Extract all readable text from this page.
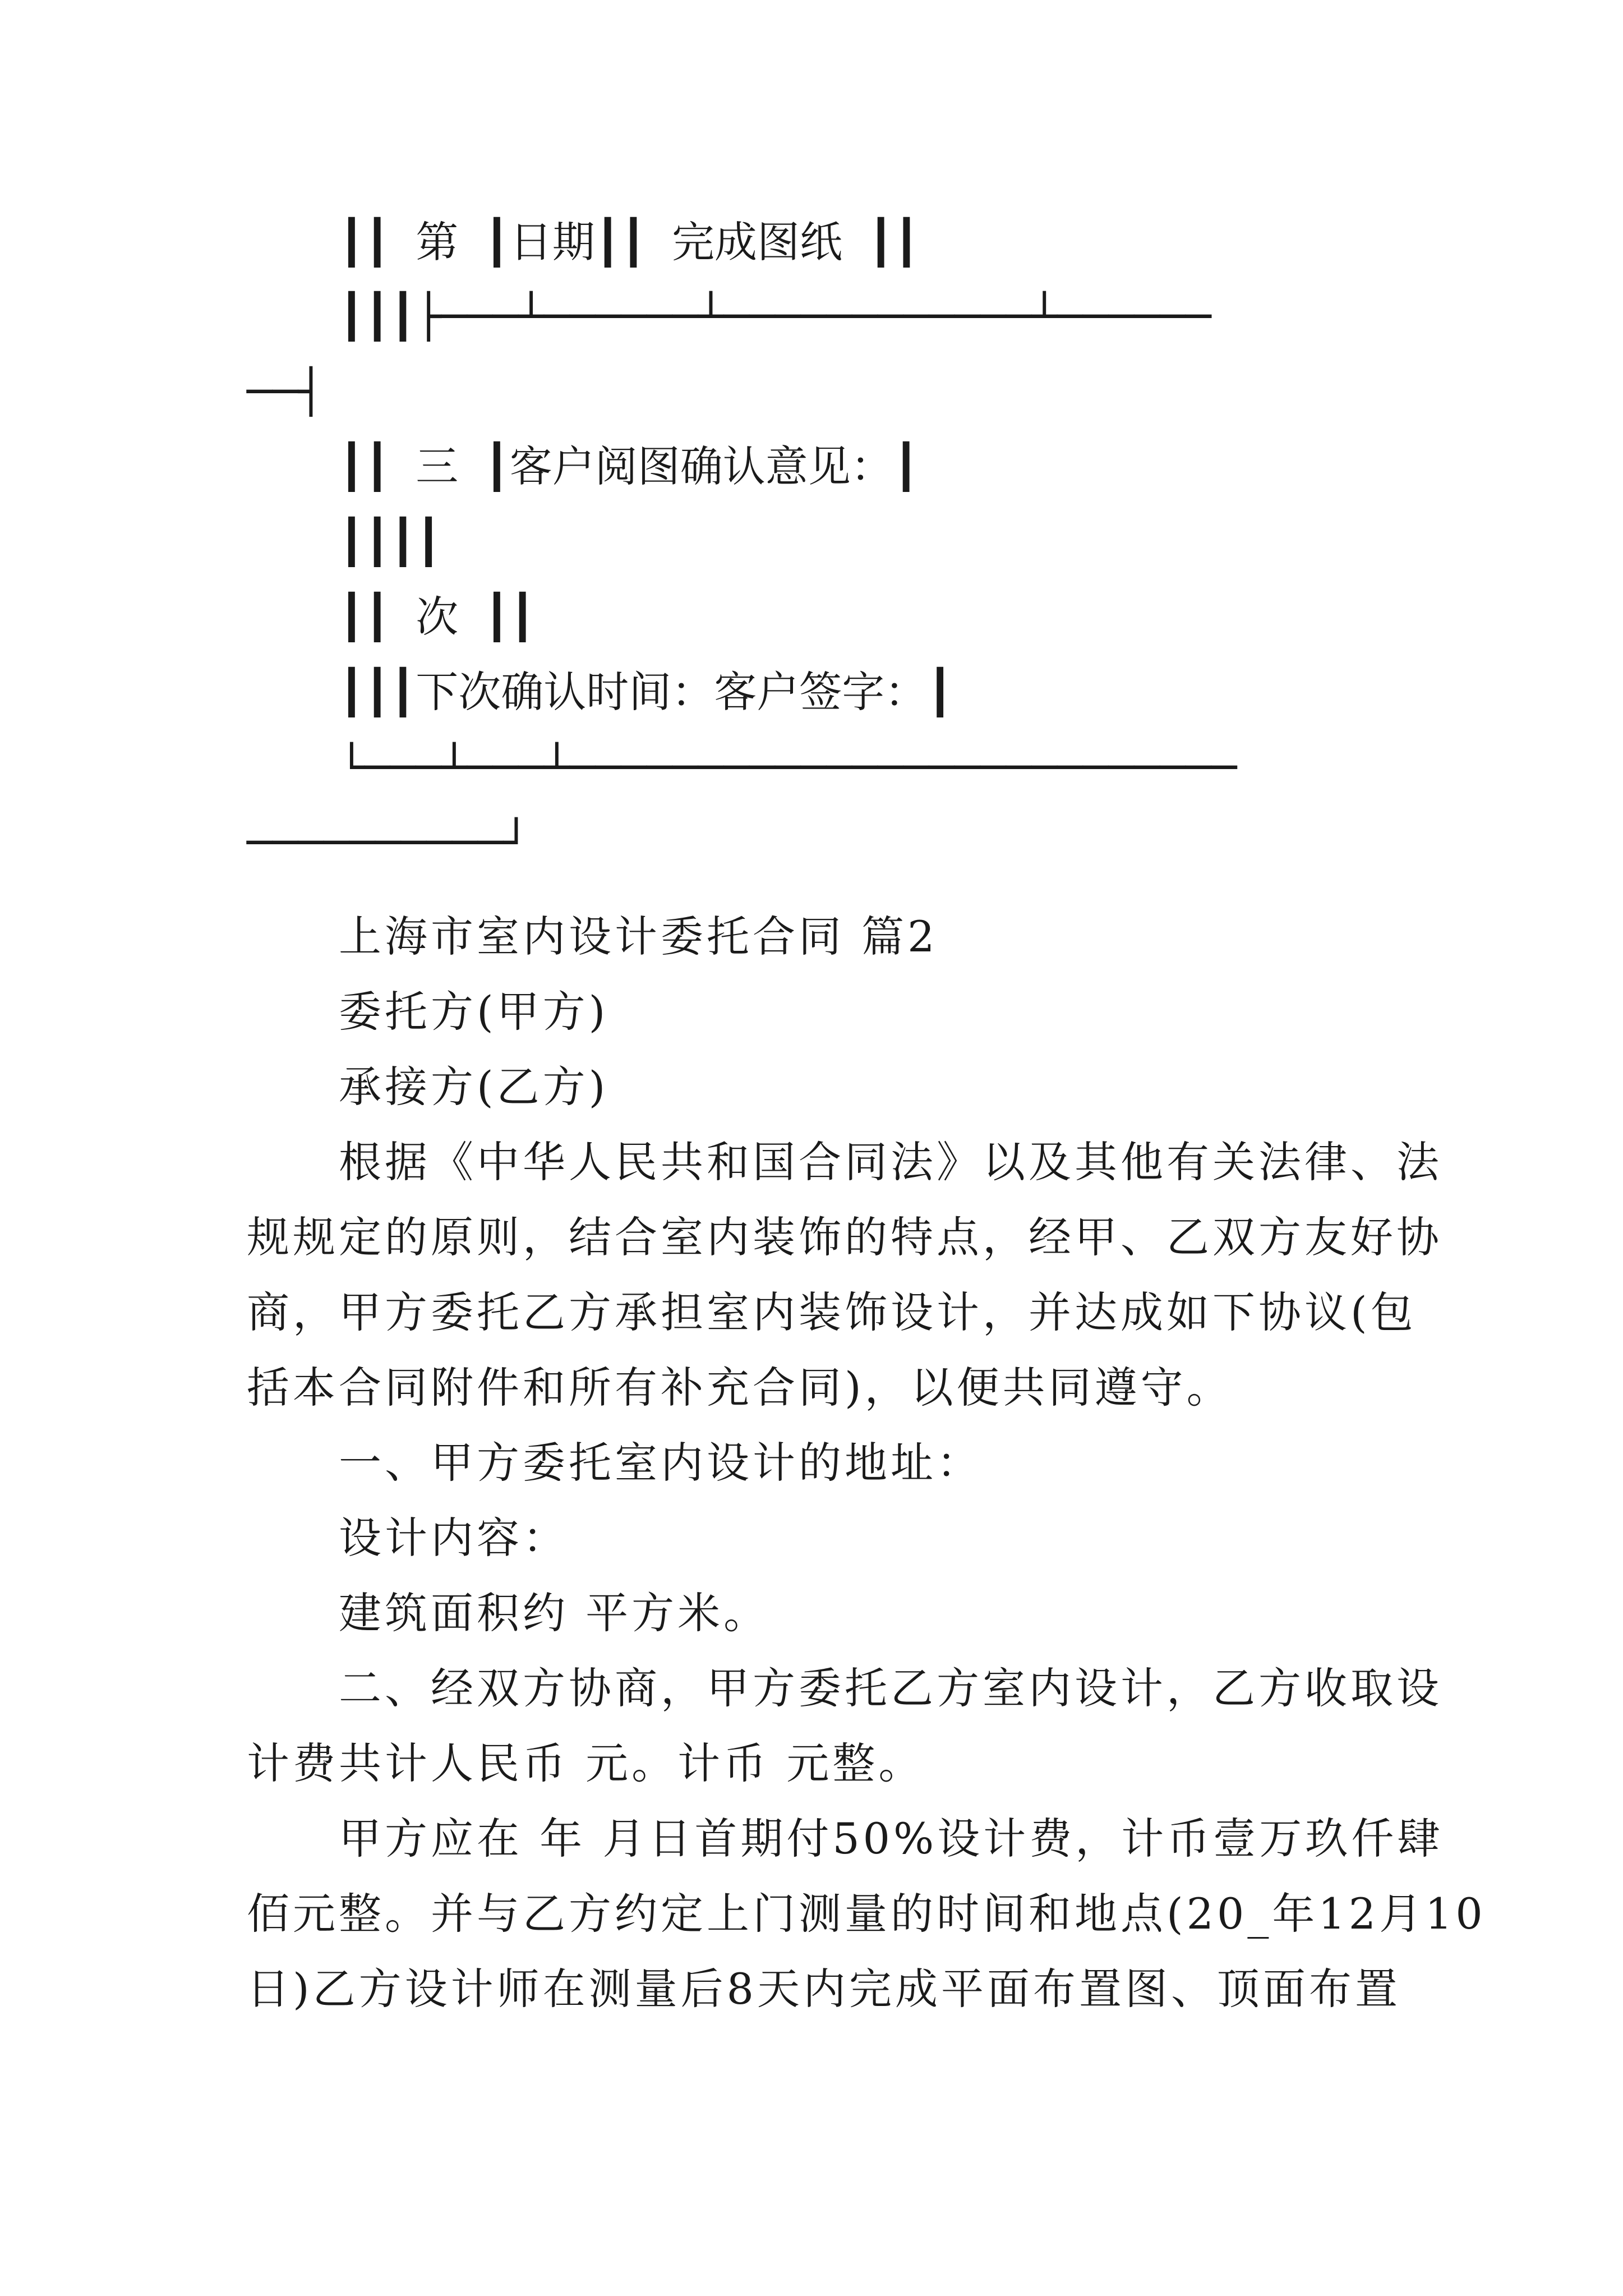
┃┃ 第 ┃日期┃┃ 完成图纸 ┃┃
┃┃┃├───┴──────┴────────────┴──────
──┤
┃┃ 三 ┃客户阅图确认意见：┃
┃┃┃┃
┃┃ 次 ┃┃
┃┃┃下次确认时间：客户签字：┃
└───┴───┴──────────────────────────
──────────┘
上海市室内设计委托合同 篇2
委托方(甲方)
承接方(乙方)
根据《中华人民共和国合同法》以及其他有关法律、法
规规定的原则，结合室内装饰的特点，经甲、乙双方友好协
商，甲方委托乙方承担室内装饰设计，并达成如下协议(包
括本合同附件和所有补充合同)，以便共同遵守。
一、甲方委托室内设计的地址：
设计内容：
建筑面积约 平方米。
二、经双方协商，甲方委托乙方室内设计，乙方收取设
计费共计人民币 元。计币 元整。
甲方应在 年 月日首期付50%设计费，计币壹万玖仟肆
佰元整。并与乙方约定上门测量的时间和地点(20_年12月10
日)乙方设计师在测量后8天内完成平面布置图、顶面布置
